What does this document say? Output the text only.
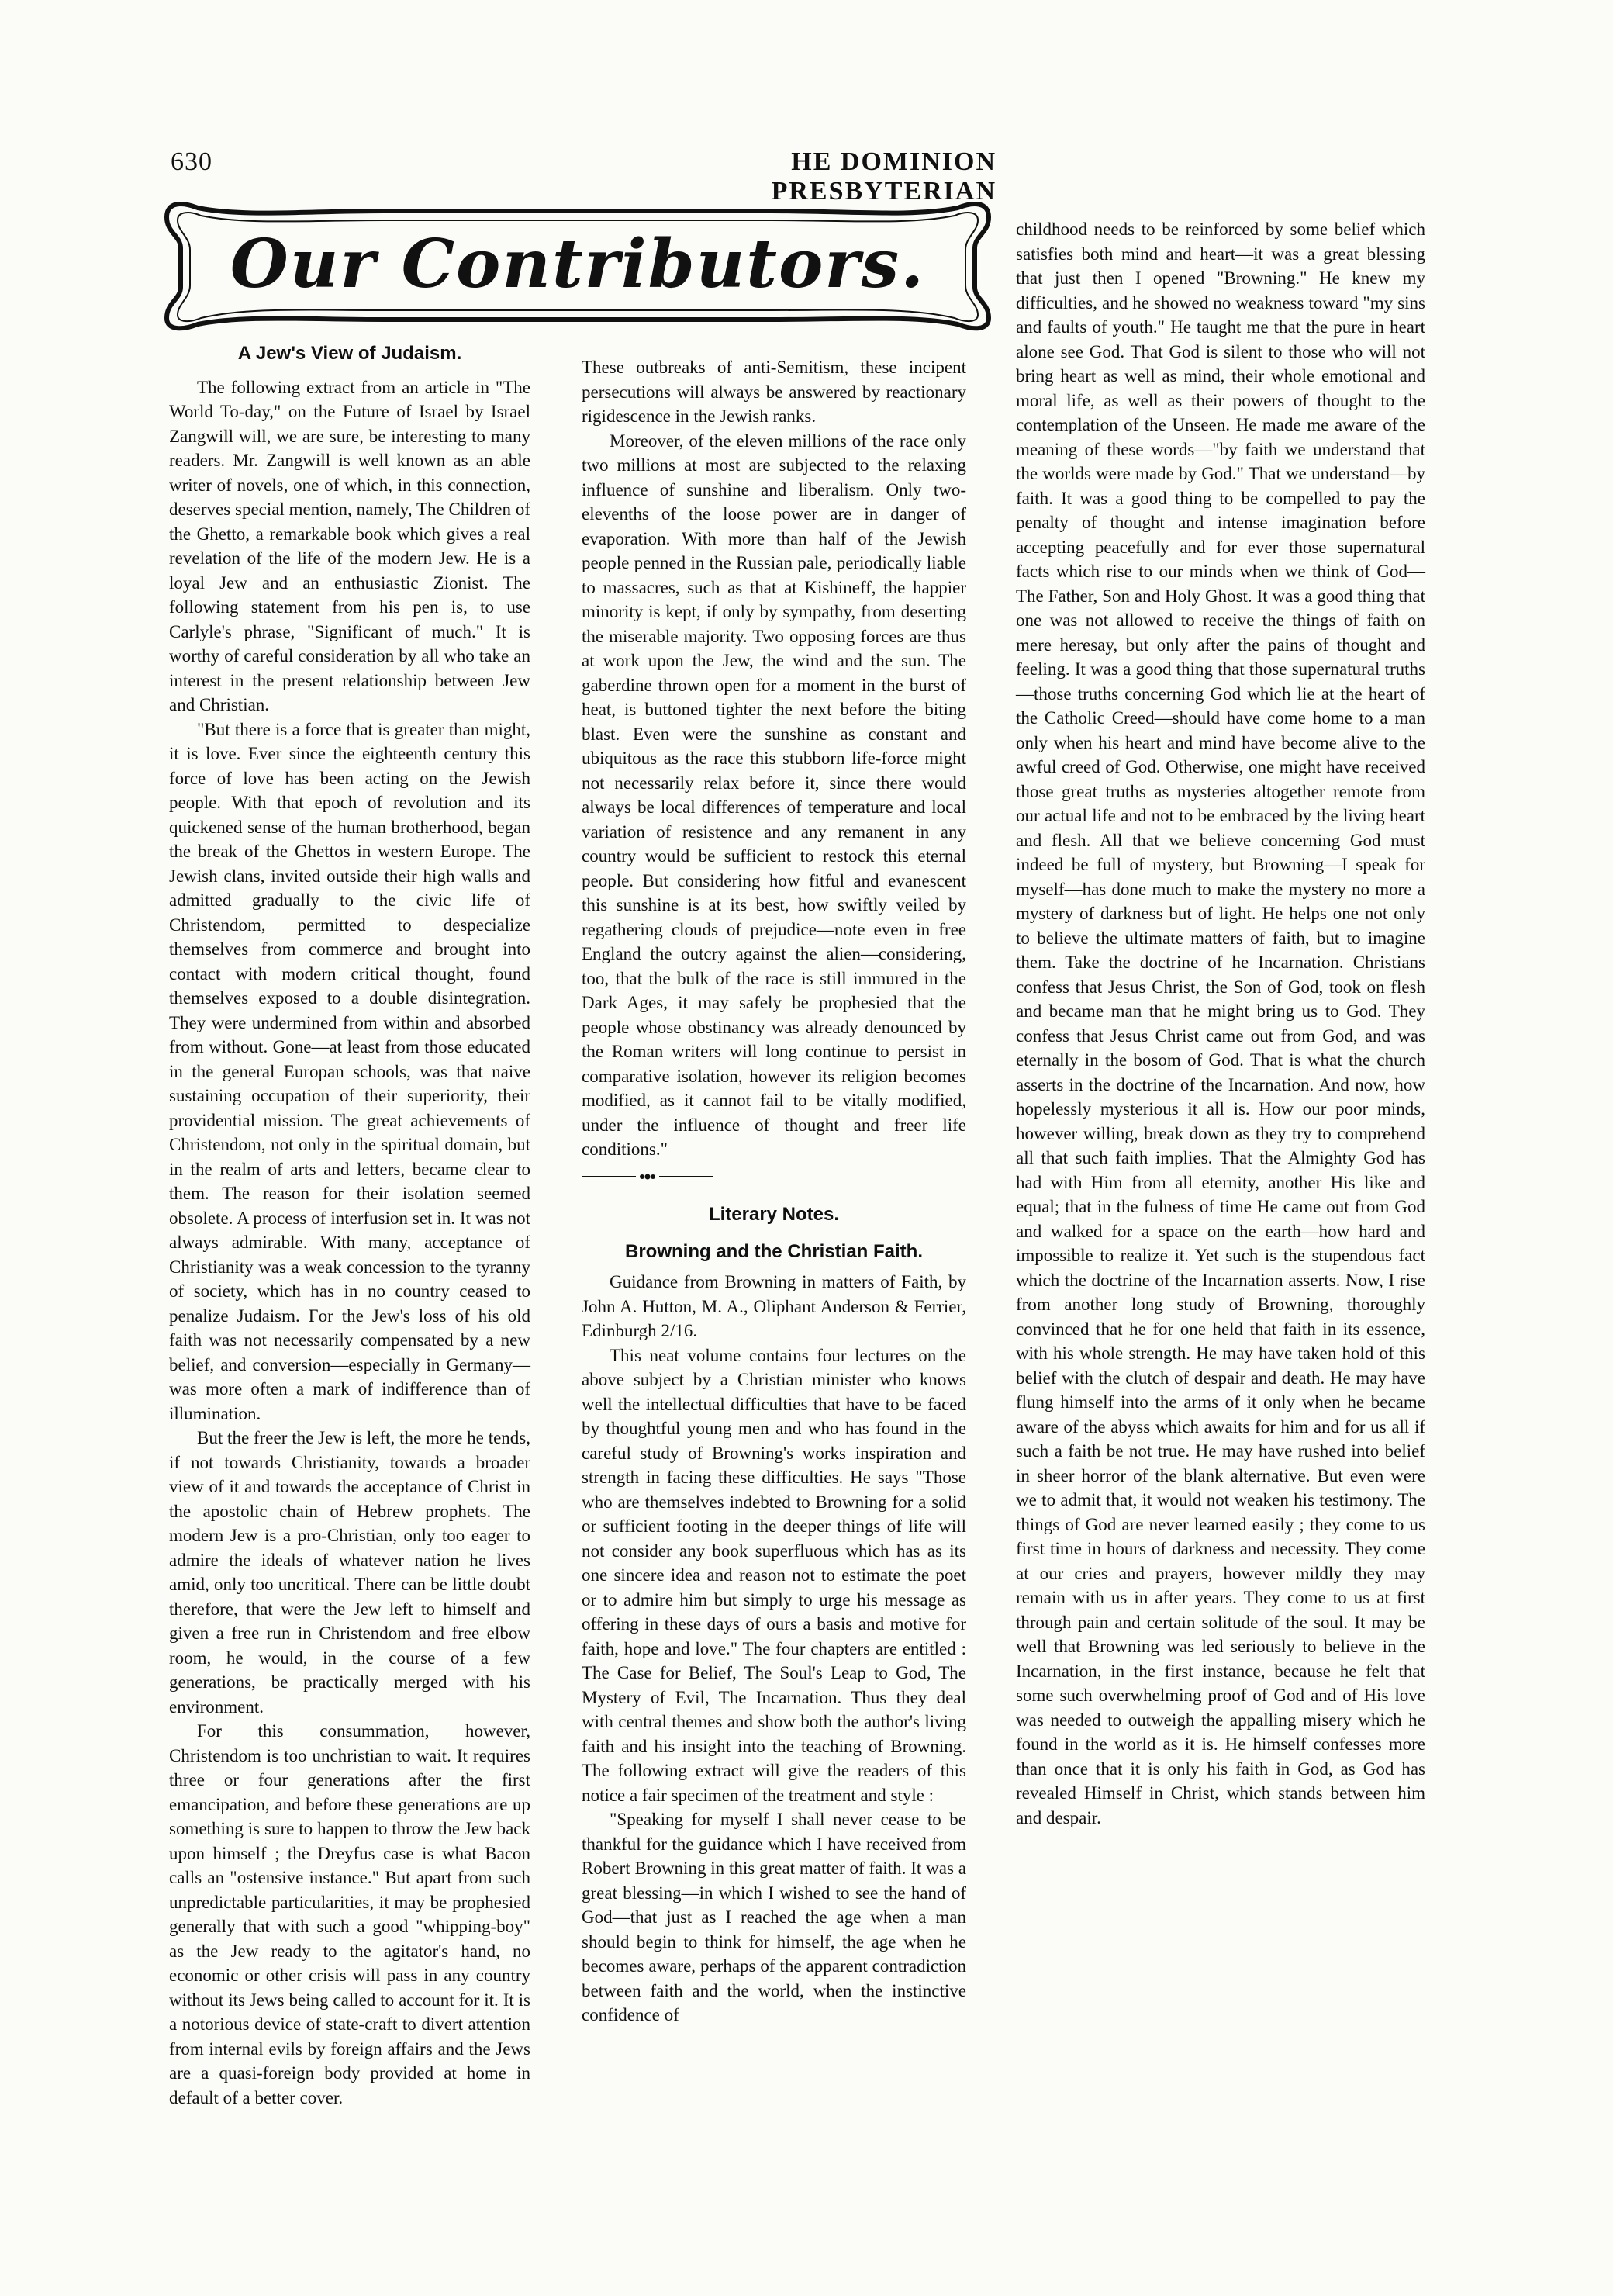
630	HE DOMINION PRESBYTERIAN
Our Contributors.
A Jew's View of Judaism.

The following extract from an article in "The World To-day," on the Future of Israel by Israel Zangwill will, we are sure, be interesting to many readers. Mr. Zangwill is well known as an able writer of novels, one of which, in this connection, deserves special mention, namely, The Children of the Ghetto, a remarkable book which gives a real revelation of the life of the modern Jew. He is a loyal Jew and an enthusiastic Zionist. The following statement from his pen is, to use Carlyle's phrase, "Significant of much." It is worthy of careful consideration by all who take an interest in the present relationship between Jew and Christian.

"But there is a force that is greater than might, it is love. Ever since the eighteenth century this force of love has been acting on the Jewish people. With that epoch of revolution and its quickened sense of the human brotherhood, began the break of the Ghettos in western Europe. The Jewish clans, invited outside their high walls and admitted gradually to the civic life of Christendom, permitted to despecialize themselves from commerce and brought into contact with modern critical thought, found themselves exposed to a double disintegration. They were undermined from within and absorbed from without. Gone—at least from those educated in the general Europan schools, was that naive sustaining occupation of their superiority, their providential mission. The great achievements of Christendom, not only in the spiritual domain, but in the realm of arts and letters, became clear to them. The reason for their isolation seemed obsolete. A process of interfusion set in. It was not always admirable. With many, acceptance of Christianity was a weak concession to the tyranny of society, which has in no country ceased to penalize Judaism. For the Jew's loss of his old faith was not necessarily compensated by a new belief, and conversion—especially in Germany—was more often a mark of indifference than of illumination.

But the freer the Jew is left, the more he tends, if not towards Christianity, towards a broader view of it and towards the acceptance of Christ in the apostolic chain of Hebrew prophets. The modern Jew is a pro-Christian, only too eager to admire the ideals of whatever nation he lives amid, only too uncritical. There can be little doubt therefore, that were the Jew left to himself and given a free run in Christendom and free elbow room, he would, in the course of a few generations, be practically merged with his environment.

For this consummation, however, Christendom is too unchristian to wait. It requires three or four generations after the first emancipation, and before these generations are up something is sure to happen to throw the Jew back upon himself ; the Dreyfus case is what Bacon calls an "ostensive instance." But apart from such unpredictable particularities, it may be prophesied generally that with such a good "whipping-boy" as the Jew ready to the agitator's hand, no economic or other crisis will pass in any country without its Jews being called to account for it. It is a notorious device of state-craft to divert attention from internal evils by foreign affairs and the Jews are a quasi-foreign body provided at home in default of a better cover.

These outbreaks of anti-Semitism, these incipent persecutions will always be answered by reactionary rigidescence in the Jewish ranks.

Moreover, of the eleven millions of the race only two millions at most are subjected to the relaxing influence of sunshine and liberalism. Only two-elevenths of the loose power are in danger of evaporation. With more than half of the Jewish people penned in the Russian pale, periodically liable to massacres, such as that at Kishineff, the happier minority is kept, if only by sympathy, from deserting the miserable majority. Two opposing forces are thus at work upon the Jew, the wind and the sun. The gaberdine thrown open for a moment in the burst of heat, is buttoned tighter the next before the biting blast. Even were the sunshine as constant and ubiquitous as the race this stubborn life-force might not necessarily relax before it, since there would always be local differences of temperature and local variation of resistence and any remanent in any country would be sufficient to restock this eternal people. But considering how fitful and evanescent this sunshine is at its best, how swiftly veiled by regathering clouds of prejudice—note even in free England the outcry against the alien—considering, too, that the bulk of the race is still immured in the Dark Ages, it may safely be prophesied that the people whose obstinancy was already denounced by the Roman writers will long continue to persist in comparative isolation, however its religion becomes modified, as it cannot fail to be vitally modified, under the influence of thought and freer life conditions."

Literary Notes.
Browning and the Christian Faith.

Guidance from Browning in matters of Faith, by John A. Hutton, M. A., Oliphant Anderson & Ferrier, Edinburgh 2/16.

This neat volume contains four lectures on the above subject by a Christian minister who knows well the intellectual difficulties that have to be faced by thoughtful young men and who has found in the careful study of Browning's works inspiration and strength in facing these difficulties. He says "Those who are themselves indebted to Browning for a solid or sufficient footing in the deeper things of life will not consider any book superfluous which has as its one sincere idea and reason not to estimate the poet or to admire him but simply to urge his message as offering in these days of ours a basis and motive for faith, hope and love." The four chapters are entitled : The Case for Belief, The Soul's Leap to God, The Mystery of Evil, The Incarnation. Thus they deal with central themes and show both the author's living faith and his insight into the teaching of Browning. The following extract will give the readers of this notice a fair specimen of the treatment and style :

"Speaking for myself I shall never cease to be thankful for the guidance which I have received from Robert Browning in this great matter of faith. It was a great blessing—in which I wished to see the hand of God—that just as I reached the age when a man should begin to think for himself, the age when he becomes aware, perhaps of the apparent contradiction between faith and the world, when the instinctive confidence of

childhood needs to be reinforced by some belief which satisfies both mind and heart—it was a great blessing that just then I opened "Browning." He knew my difficulties, and he showed no weakness toward "my sins and faults of youth." He taught me that the pure in heart alone see God. That God is silent to those who will not bring heart as well as mind, their whole emotional and moral life, as well as their powers of thought to the contemplation of the Unseen. He made me aware of the meaning of these words—"by faith we understand that the worlds were made by God." That we understand—by faith. It was a good thing to be compelled to pay the penalty of thought and intense imagination before accepting peacefully and for ever those supernatural facts which rise to our minds when we think of God—The Father, Son and Holy Ghost. It was a good thing that one was not allowed to receive the things of faith on mere heresay, but only after the pains of thought and feeling. It was a good thing that those supernatural truths—those truths concerning God which lie at the heart of the Catholic Creed—should have come home to a man only when his heart and mind have become alive to the awful creed of God. Otherwise, one might have received those great truths as mysteries altogether remote from our actual life and not to be embraced by the living heart and flesh. All that we believe concerning God must indeed be full of mystery, but Browning—I speak for myself—has done much to make the mystery no more a mystery of darkness but of light. He helps one not only to believe the ultimate matters of faith, but to imagine them. Take the doctrine of he Incarnation. Christians confess that Jesus Christ, the Son of God, took on flesh and became man that he might bring us to God. They confess that Jesus Christ came out from God, and was eternally in the bosom of God. That is what the church asserts in the doctrine of the Incarnation. And now, how hopelessly mysterious it all is. How our poor minds, however willing, break down as they try to comprehend all that such faith implies. That the Almighty God has had with Him from all eternity, another His like and equal; that in the fulness of time He came out from God and walked for a space on the earth—how hard and impossible to realize it. Yet such is the stupendous fact which the doctrine of the Incarnation asserts. Now, I rise from another long study of Browning, thoroughly convinced that he for one held that faith in its essence, with his whole strength. He may have taken hold of this belief with the clutch of despair and death. He may have flung himself into the arms of it only when he became aware of the abyss which awaits for him and for us all if such a faith be not true. He may have rushed into belief in sheer horror of the blank alternative. But even were we to admit that, it would not weaken his testimony. The things of God are never learned easily ; they come to us first time in hours of darkness and necessity. They come at our cries and prayers, however mildly they may remain with us in after years. They come to us at first through pain and certain solitude of the soul. It may be well that Browning was led seriously to believe in the Incarnation, in the first instance, because he felt that some such overwhelming proof of God and of His love was needed to outweigh the appalling misery which he found in the world as it is. He himself confesses more than once that it is only his faith in God, as God has revealed Himself in Christ, which stands between him and despair.
